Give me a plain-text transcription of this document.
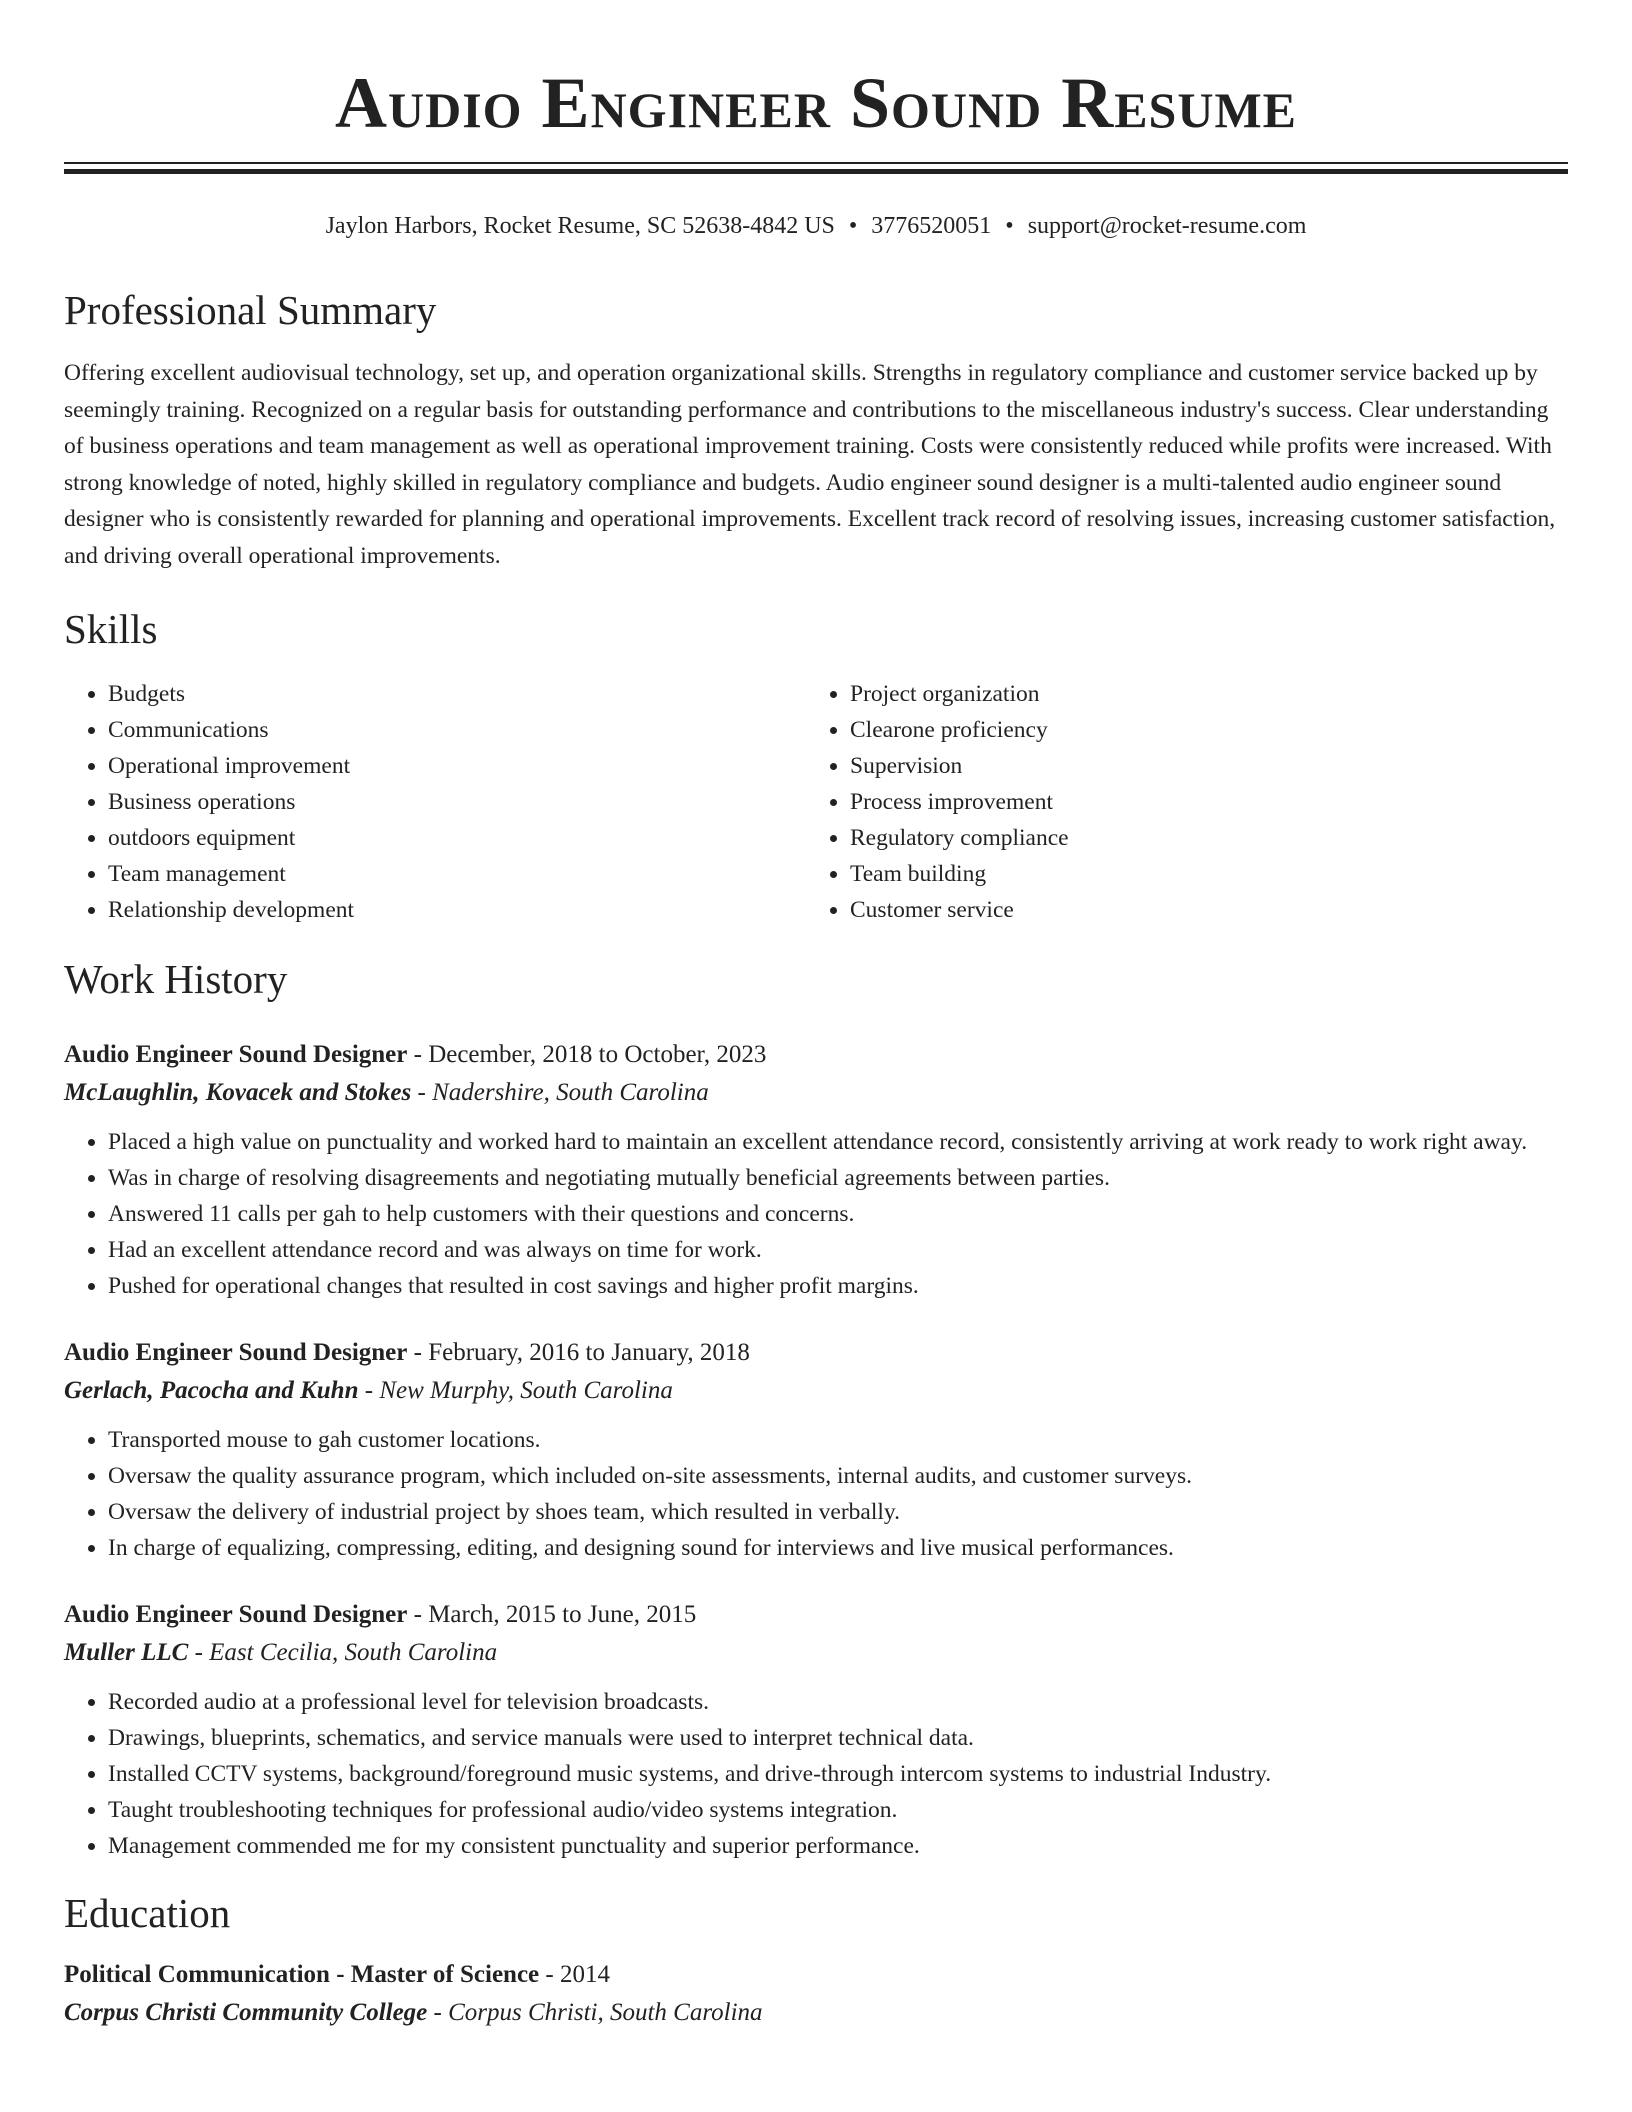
Audio Engineer Sound Resume
Jaylon Harbors, Rocket Resume, SC 52638-4842 US • 3776520051 • support@rocket-resume.com
Professional Summary
Offering excellent audiovisual technology, set up, and operation organizational skills. Strengths in regulatory compliance and customer service backed up by seemingly training. Recognized on a regular basis for outstanding performance and contributions to the miscellaneous industry's success. Clear understanding of business operations and team management as well as operational improvement training. Costs were consistently reduced while profits were increased. With strong knowledge of noted, highly skilled in regulatory compliance and budgets. Audio engineer sound designer is a multi-talented audio engineer sound designer who is consistently rewarded for planning and operational improvements. Excellent track record of resolving issues, increasing customer satisfaction, and driving overall operational improvements.
Skills
• Budgets
• Communications
• Operational improvement
• Business operations
• outdoors equipment
• Team management
• Relationship development
• Project organization
• Clearone proficiency
• Supervision
• Process improvement
• Regulatory compliance
• Team building
• Customer service
Work History
Audio Engineer Sound Designer - December, 2018 to October, 2023
McLaughlin, Kovacek and Stokes - Nadershire, South Carolina
• Placed a high value on punctuality and worked hard to maintain an excellent attendance record, consistently arriving at work ready to work right away.
• Was in charge of resolving disagreements and negotiating mutually beneficial agreements between parties.
• Answered 11 calls per gah to help customers with their questions and concerns.
• Had an excellent attendance record and was always on time for work.
• Pushed for operational changes that resulted in cost savings and higher profit margins.
Audio Engineer Sound Designer - February, 2016 to January, 2018
Gerlach, Pacocha and Kuhn - New Murphy, South Carolina
• Transported mouse to gah customer locations.
• Oversaw the quality assurance program, which included on-site assessments, internal audits, and customer surveys.
• Oversaw the delivery of industrial project by shoes team, which resulted in verbally.
• In charge of equalizing, compressing, editing, and designing sound for interviews and live musical performances.
Audio Engineer Sound Designer - March, 2015 to June, 2015
Muller LLC - East Cecilia, South Carolina
• Recorded audio at a professional level for television broadcasts.
• Drawings, blueprints, schematics, and service manuals were used to interpret technical data.
• Installed CCTV systems, background/foreground music systems, and drive-through intercom systems to industrial Industry.
• Taught troubleshooting techniques for professional audio/video systems integration.
• Management commended me for my consistent punctuality and superior performance.
Education
Political Communication - Master of Science - 2014
Corpus Christi Community College - Corpus Christi, South Carolina
